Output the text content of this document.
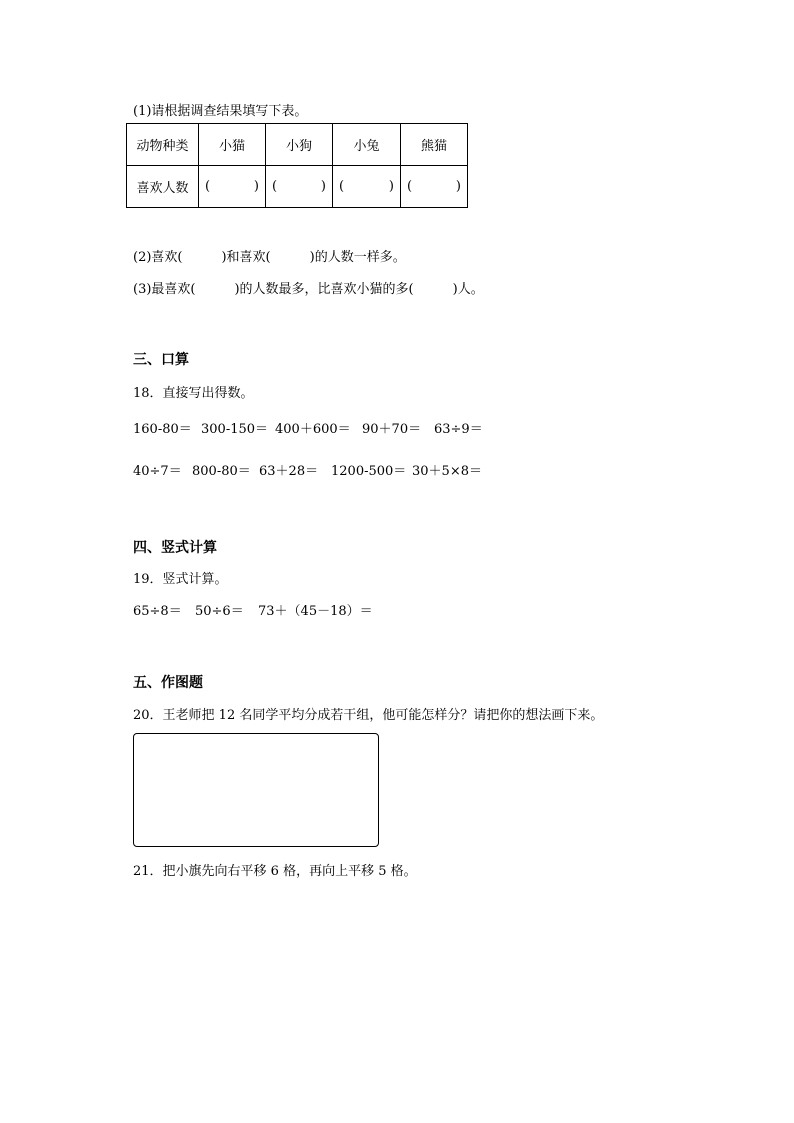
(1)请根据调查结果填写下表。
动物种类	小猫	小狗	小兔	熊猫
喜欢人数	( )	( )	( )	( )
(2)喜欢(　　　)和喜欢(　　　)的人数一样多。
(3)最喜欢(　　　)的人数最多，比喜欢小猫的多(　　　)人。
三、口算
18．直接写出得数。
160-80＝ 300-150＝ 400＋600＝ 90＋70＝ 63÷9＝
40÷7＝ 800-80＝ 63＋28＝ 1200-500＝ 30＋5×8＝
四、竖式计算
19．竖式计算。
65÷8＝ 50÷6＝ 73＋（45－18）＝
五、作图题
20．王老师把 12 名同学平均分成若干组，他可能怎样分？请把你的想法画下来。
21．把小旗先向右平移 6 格，再向上平移 5 格。
